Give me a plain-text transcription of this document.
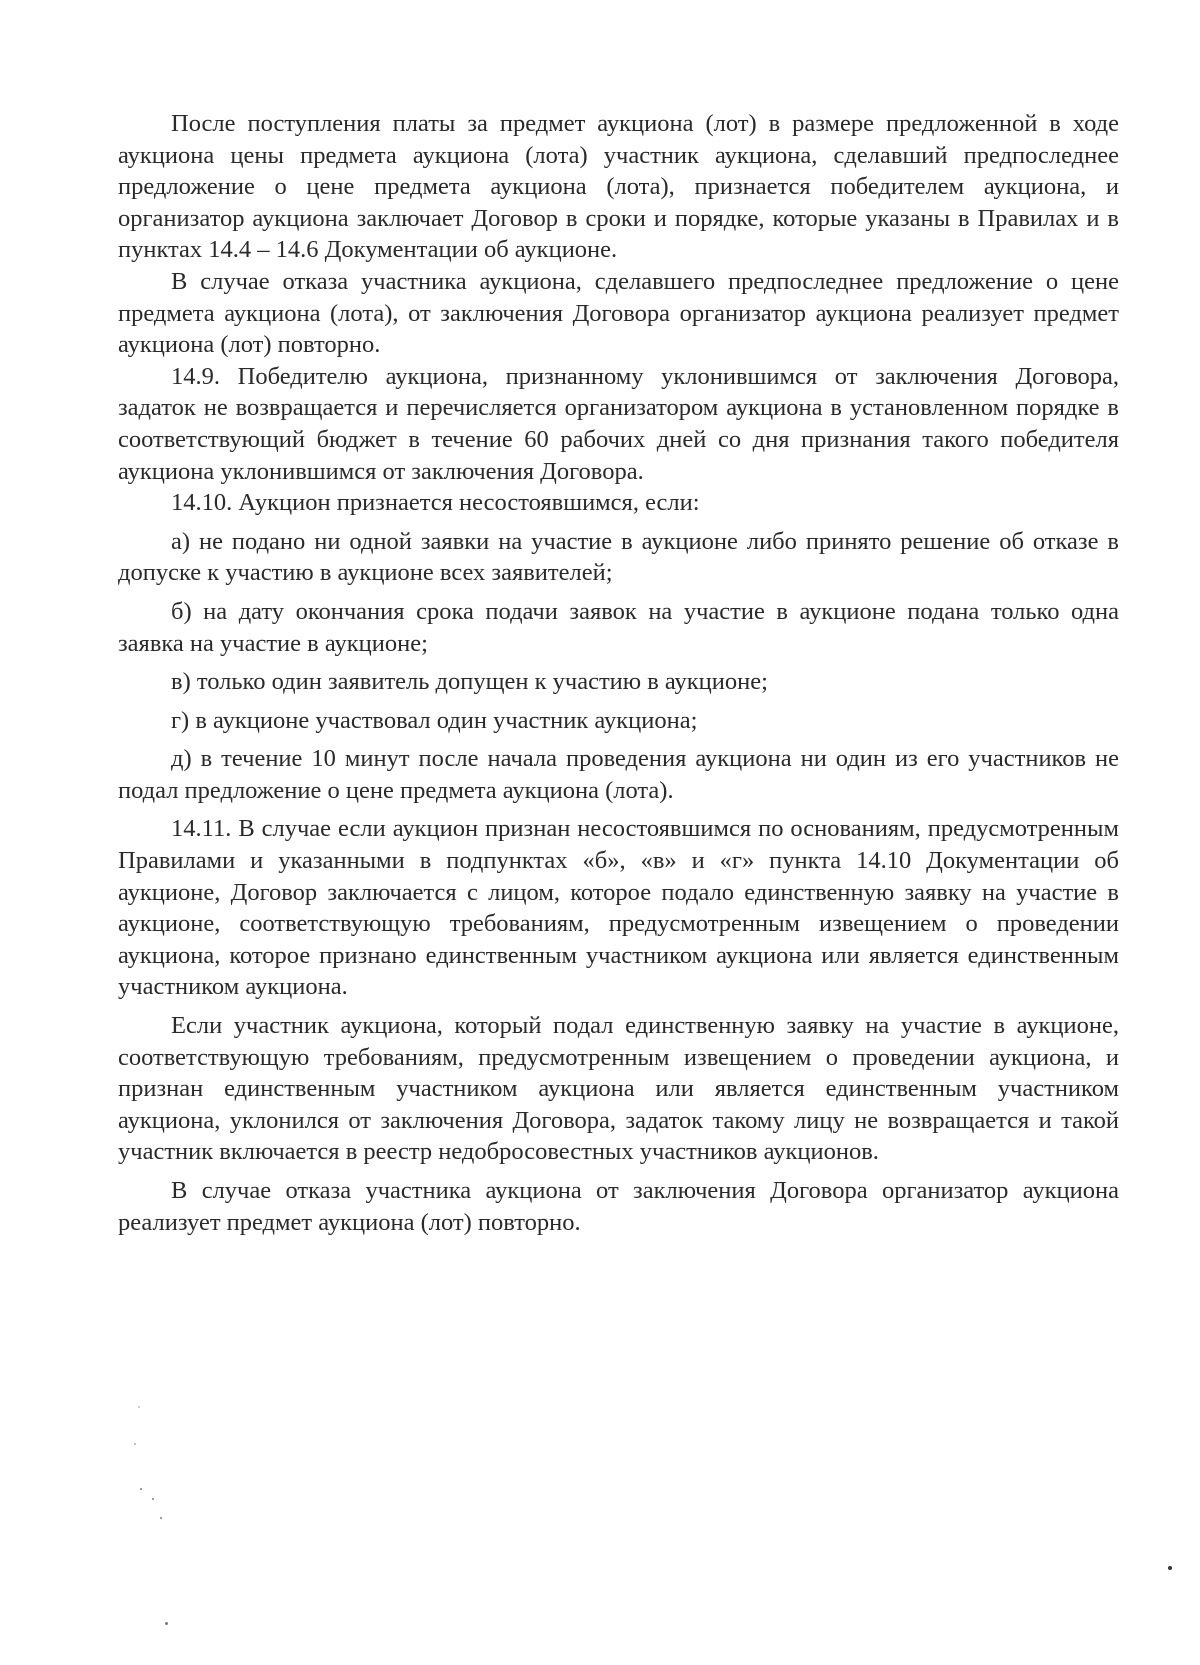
После поступления платы за предмет аукциона (лот) в размере предложенной в ходе аукциона цены предмета аукциона (лота) участник аукциона, сделавший предпоследнее предложение о цене предмета аукциона (лота), признается победителем аукциона, и организатор аукциона заключает Договор в сроки и порядке, которые указаны в Правилах и в пунктах 14.4 – 14.6 Документации об аукционе.

В случае отказа участника аукциона, сделавшего предпоследнее предложение о цене предмета аукциона (лота), от заключения Договора организатор аукциона реализует предмет аукциона (лот) повторно.

14.9. Победителю аукциона, признанному уклонившимся от заключения Договора, задаток не возвращается и перечисляется организатором аукциона в установленном порядке в соответствующий бюджет в течение 60 рабочих дней со дня признания такого победителя аукциона уклонившимся от заключения Договора.

14.10. Аукцион признается несостоявшимся, если:

а) не подано ни одной заявки на участие в аукционе либо принято решение об отказе в допуске к участию в аукционе всех заявителей;

б) на дату окончания срока подачи заявок на участие в аукционе подана только одна заявка на участие в аукционе;

в) только один заявитель допущен к участию в аукционе;

г) в аукционе участвовал один участник аукциона;

д) в течение 10 минут после начала проведения аукциона ни один из его участников не подал предложение о цене предмета аукциона (лота).

14.11. В случае если аукцион признан несостоявшимся по основаниям, предусмотренным Правилами и указанными в подпунктах «б», «в» и «г» пункта 14.10 Документации об аукционе, Договор заключается с лицом, которое подало единственную заявку на участие в аукционе, соответствующую требованиям, предусмотренным извещением о проведении аукциона, которое признано единственным участником аукциона или является единственным участником аукциона.

Если участник аукциона, который подал единственную заявку на участие в аукционе, соответствующую требованиям, предусмотренным извещением о проведении аукциона, и признан единственным участником аукциона или является единственным участником аукциона, уклонился от заключения Договора, задаток такому лицу не возвращается и такой участник включается в реестр недобросовестных участников аукционов.

В случае отказа участника аукциона от заключения Договора организатор аукциона реализует предмет аукциона (лот) повторно.
